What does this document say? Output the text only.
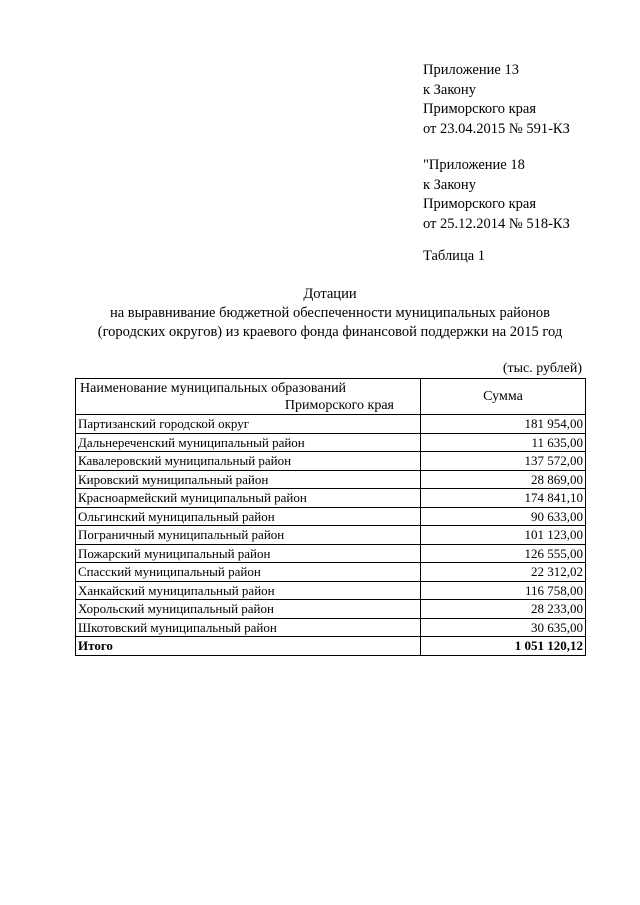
Приложение 13
к Закону
Приморского края
от 23.04.2015 № 591-КЗ
"Приложение 18
к Закону
Приморского края
от 25.12.2014 № 518-КЗ
Таблица 1
Дотации
на выравнивание бюджетной обеспеченности муниципальных районов
(городских округов) из краевого фонда финансовой поддержки на 2015 год
(тыс. рублей)
Наименование муниципальных образований
Приморского края	Сумма
Партизанский городской округ	181 954,00
Дальнереченский муниципальный район	11 635,00
Кавалеровский муниципальный район	137 572,00
Кировский муниципальный район	28 869,00
Красноармейский муниципальный район	174 841,10
Ольгинский муниципальный район	90 633,00
Пограничный муниципальный район	101 123,00
Пожарский муниципальный район	126 555,00
Спасский муниципальный район	22 312,02
Ханкайский муниципальный район	116 758,00
Хорольский муниципальный район	28 233,00
Шкотовский муниципальный район	30 635,00
Итого	1 051 120,12
